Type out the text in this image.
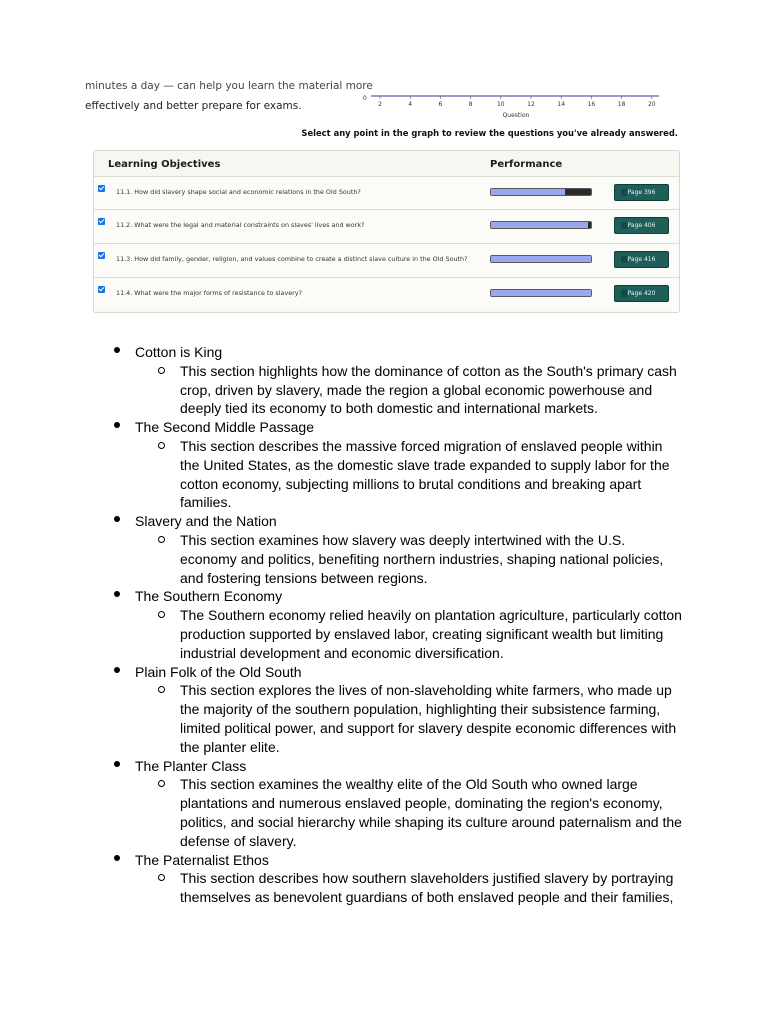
minutes a day — can help you learn the material more
effectively and better prepare for exams.
0
2	4	6	8	10	12	14	16	18	20
Question
Select any point in the graph to review the questions you've already answered.
Learning Objectives	Performance
11.1. How did slavery shape social and economic relations in the Old South?	Page 396
11.2. What were the legal and material constraints on slaves' lives and work?	Page 406
11.3. How did family, gender, religion, and values combine to create a distinct slave culture in the Old South?	Page 416
11.4. What were the major forms of resistance to slavery?	Page 420
Cotton is King
This section highlights how the dominance of cotton as the South's primary cash
crop, driven by slavery, made the region a global economic powerhouse and
deeply tied its economy to both domestic and international markets.
The Second Middle Passage
This section describes the massive forced migration of enslaved people within
the United States, as the domestic slave trade expanded to supply labor for the
cotton economy, subjecting millions to brutal conditions and breaking apart
families.
Slavery and the Nation
This section examines how slavery was deeply intertwined with the U.S.
economy and politics, benefiting northern industries, shaping national policies,
and fostering tensions between regions.
The Southern Economy
The Southern economy relied heavily on plantation agriculture, particularly cotton
production supported by enslaved labor, creating significant wealth but limiting
industrial development and economic diversification.
Plain Folk of the Old South
This section explores the lives of non-slaveholding white farmers, who made up
the majority of the southern population, highlighting their subsistence farming,
limited political power, and support for slavery despite economic differences with
the planter elite.
The Planter Class
This section examines the wealthy elite of the Old South who owned large
plantations and numerous enslaved people, dominating the region's economy,
politics, and social hierarchy while shaping its culture around paternalism and the
defense of slavery.
The Paternalist Ethos
This section describes how southern slaveholders justified slavery by portraying
themselves as benevolent guardians of both enslaved people and their families,
